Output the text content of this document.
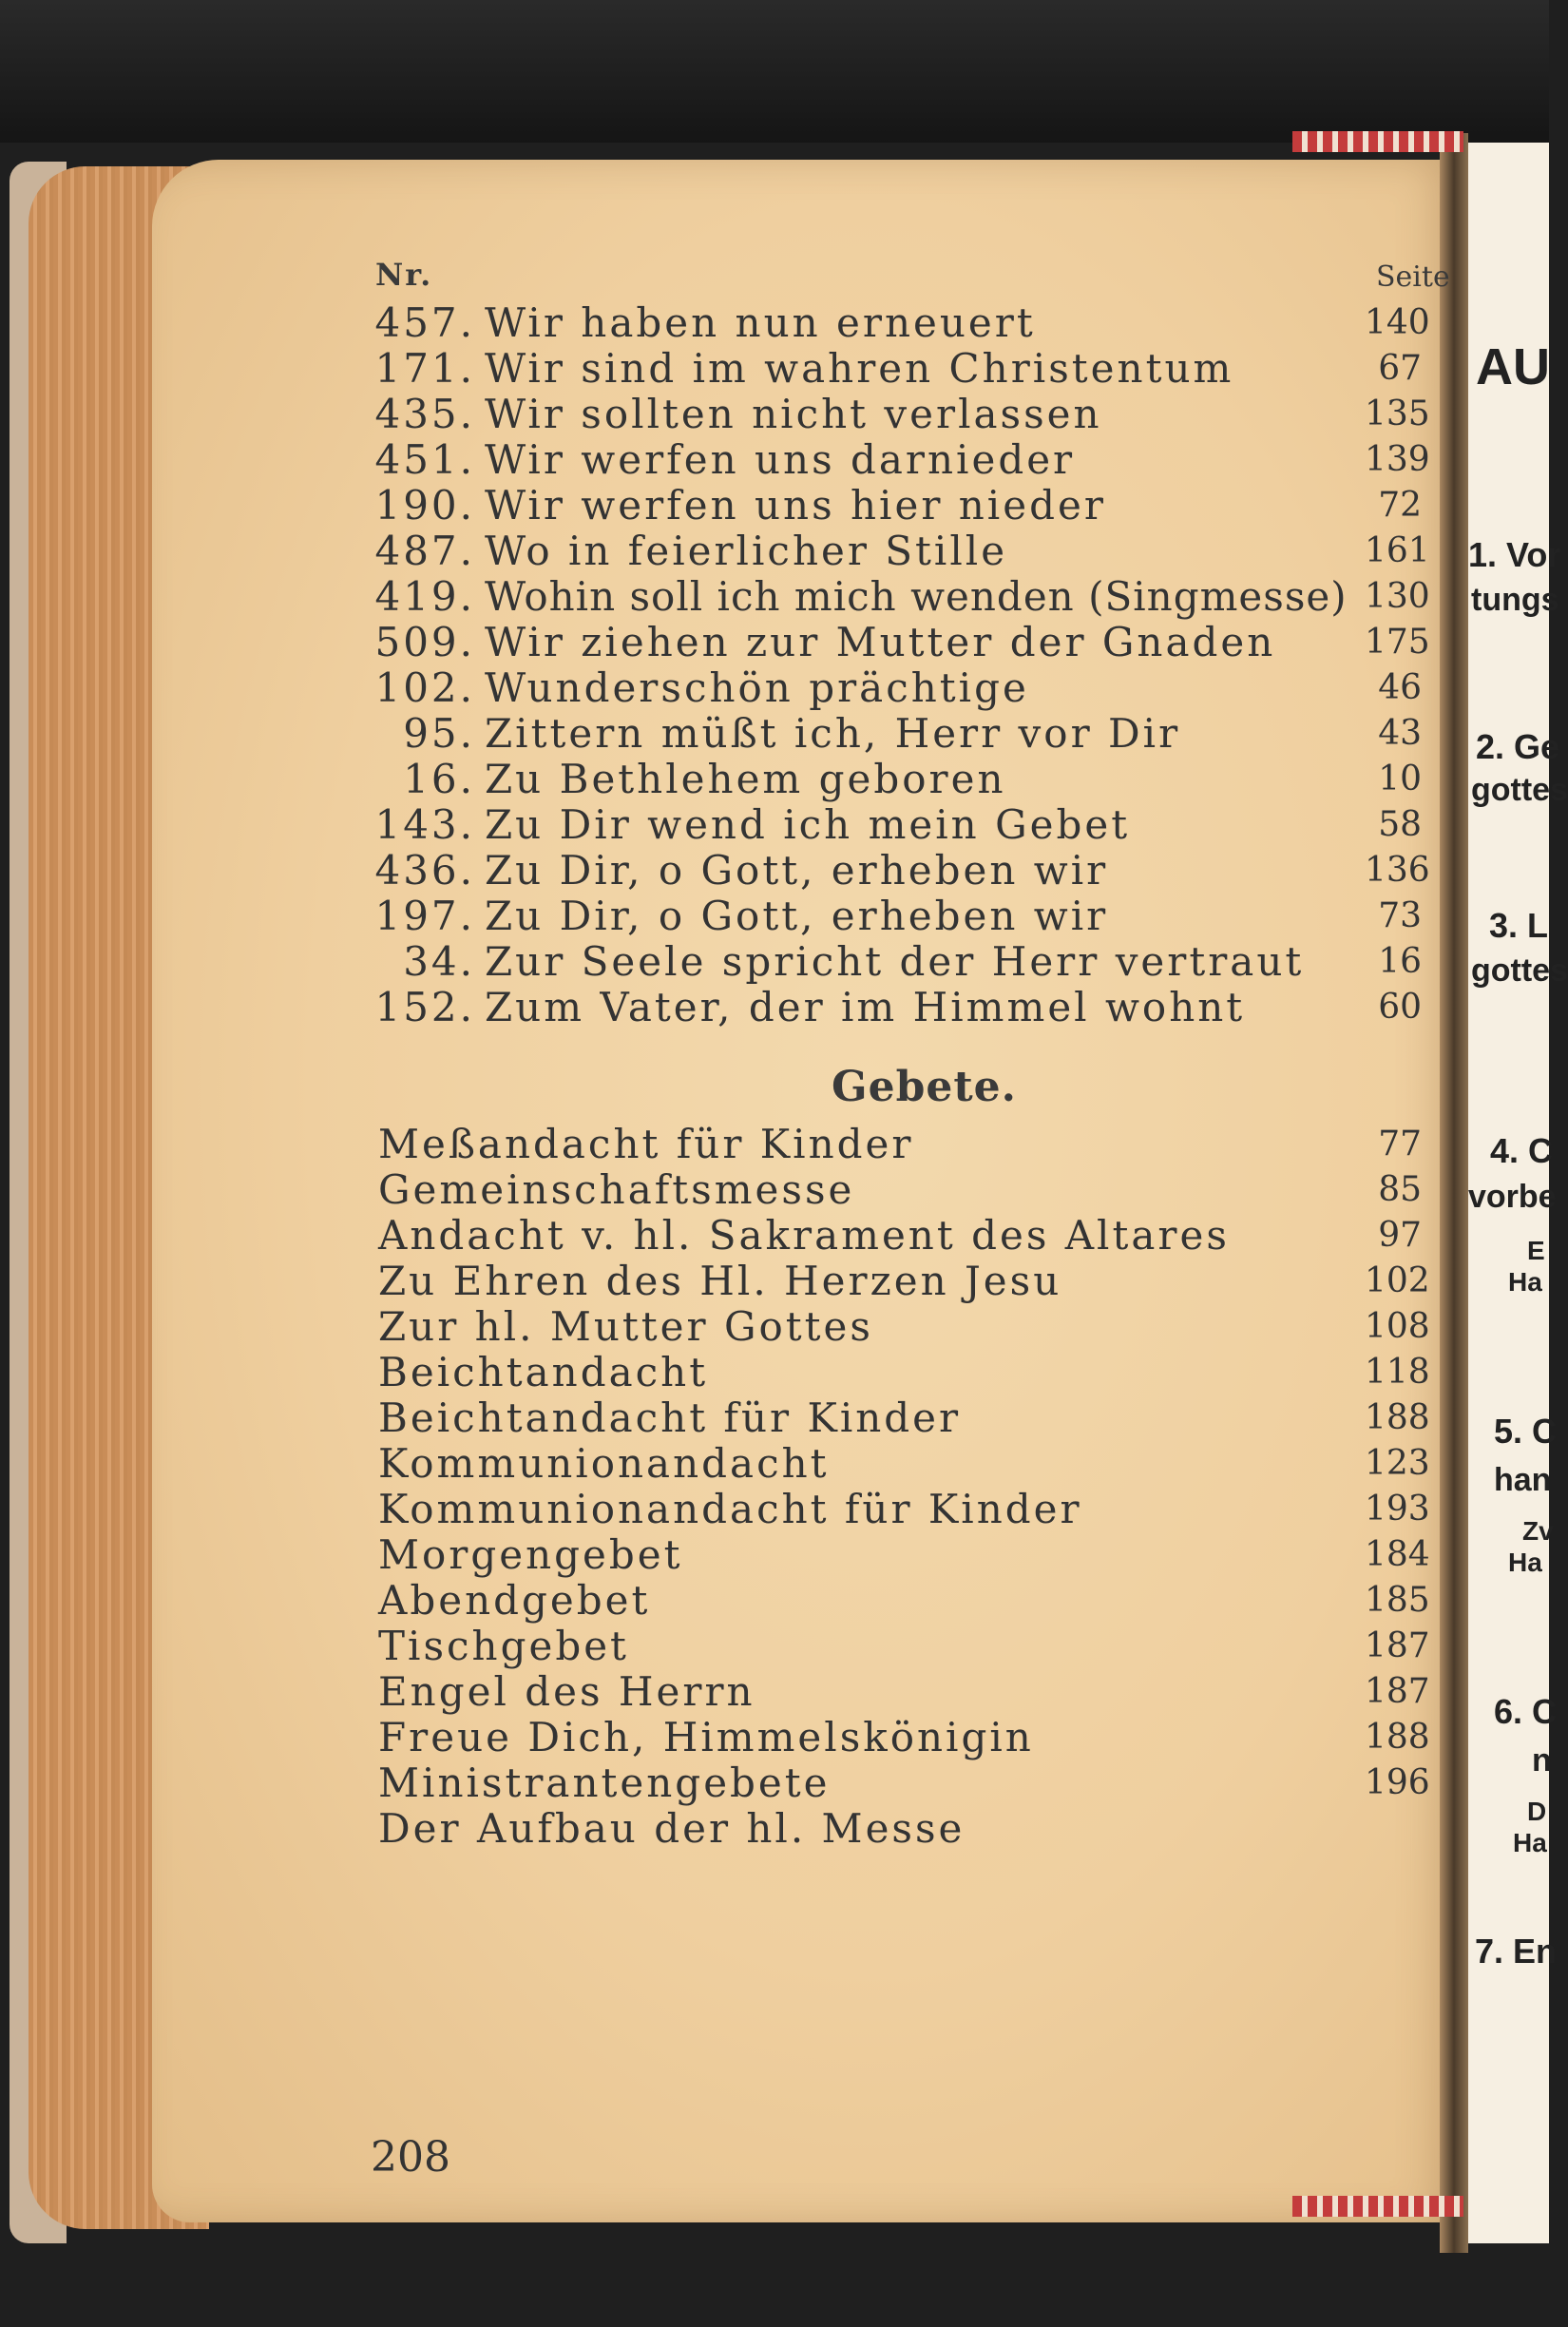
AU
1. Vor
tungs
2. Ge
gottes
3. L
gottes
4. C
vorbe
E
Ha
5. C
han
Zv
Ha
6. C
n
D
Ha
7. En
Nr.	Seite
457. Wir haben nun erneuert	140
171. Wir sind im wahren Christentum	67
435. Wir sollten nicht verlassen	135
451. Wir werfen uns darnieder	139
190. Wir werfen uns hier nieder	72
487. Wo in feierlicher Stille	161
419. Wohin soll ich mich wenden (Singmesse) 130
509. Wir ziehen zur Mutter der Gnaden	175
102. Wunderschön prächtige	46
95. Zittern müßt ich, Herr vor Dir	43
16. Zu Bethlehem geboren	10
143. Zu Dir wend ich mein Gebet	58
436. Zu Dir, o Gott, erheben wir	136
197. Zu Dir, o Gott, erheben wir	73
34. Zur Seele spricht der Herr vertraut	16
152. Zum Vater, der im Himmel wohnt	60
Gebete.
Meßandacht für Kinder	77
Gemeinschaftsmesse	85
Andacht v. hl. Sakrament des Altares	97
Zu Ehren des Hl. Herzen Jesu	102
Zur hl. Mutter Gottes	108
Beichtandacht	118
Beichtandacht für Kinder	188
Kommunionandacht	123
Kommunionandacht für Kinder	193
Morgengebet	184
Abendgebet	185
Tischgebet	187
Engel des Herrn	187
Freue Dich, Himmelskönigin	188
Ministrantengebete	196
Der Aufbau der hl. Messe
208
